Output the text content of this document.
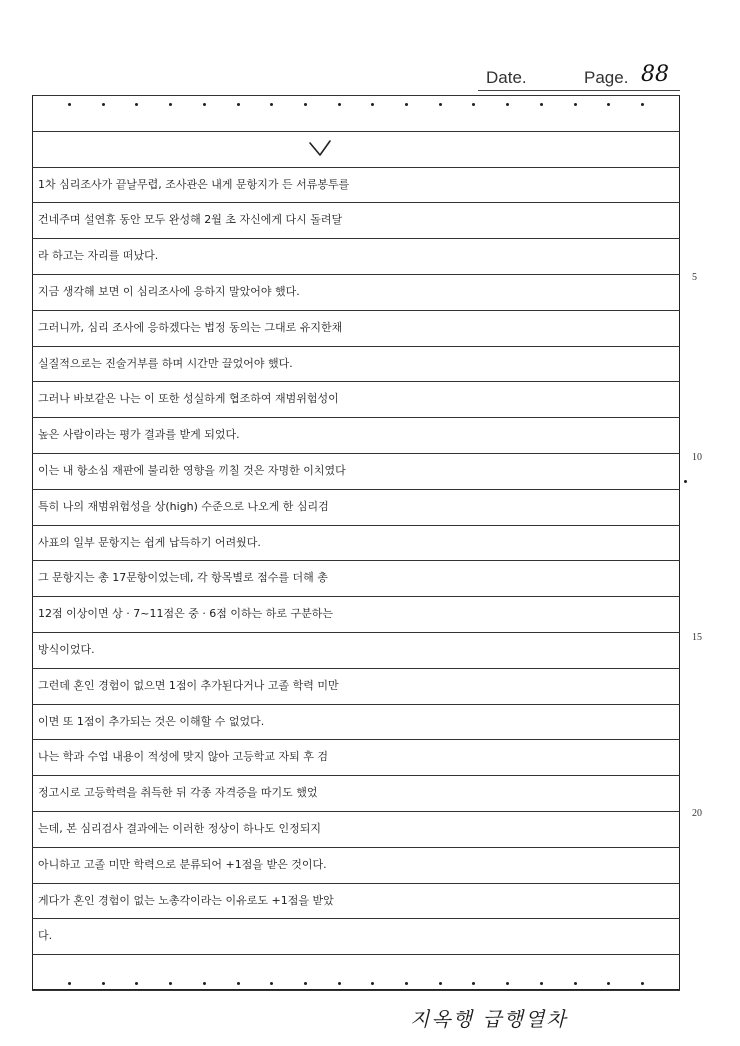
Date.	Page. 88
1차 심리조사가 끝날무렵, 조사관은 내게 문항지가 든 서류봉투를
건네주며 설연휴 동안 모두 완성해 2월 초 자신에게 다시 돌려달
라 하고는 자리를 떠났다.
지금 생각해 보면 이 심리조사에 응하지 말았어야 했다.
그러니까, 심리 조사에 응하겠다는 법정 동의는 그대로 유지한채
실질적으로는 진술거부를 하며 시간만 끌었어야 했다.
그러나 바보같은 나는 이 또한 성실하게 협조하여 재범위험성이
높은 사람이라는 평가 결과를 받게 되었다.
이는 내 항소심 재판에 불리한 영향을 끼칠 것은 자명한 이치였다
특히 나의 재범위험성을 상(high) 수준으로 나오게 한 심리검
사표의 일부 문항지는 쉽게 납득하기 어려웠다.
그 문항지는 총 17문항이었는데, 각 항목별로 점수를 더해 총
12점 이상이면 상 · 7~11점은 중 · 6점 이하는 하로 구분하는
방식이었다.
그런데 혼인 경험이 없으면 1점이 추가된다거나 고졸 학력 미만
이면 또 1점이 추가되는 것은 이해할 수 없었다.
나는 학과 수업 내용이 적성에 맞지 않아 고등학교 자퇴 후 검
정고시로 고등학력을 취득한 뒤 각종 자격증을 따기도 했었
는데, 본 심리검사 결과에는 이러한 정상이 하나도 인정되지
아니하고 고졸 미만 학력으로 분류되어 +1점을 받은 것이다.
게다가 혼인 경험이 없는 노총각이라는 이유로도 +1점을 받았
다.
5
10
15
20
지옥행 급행열차
